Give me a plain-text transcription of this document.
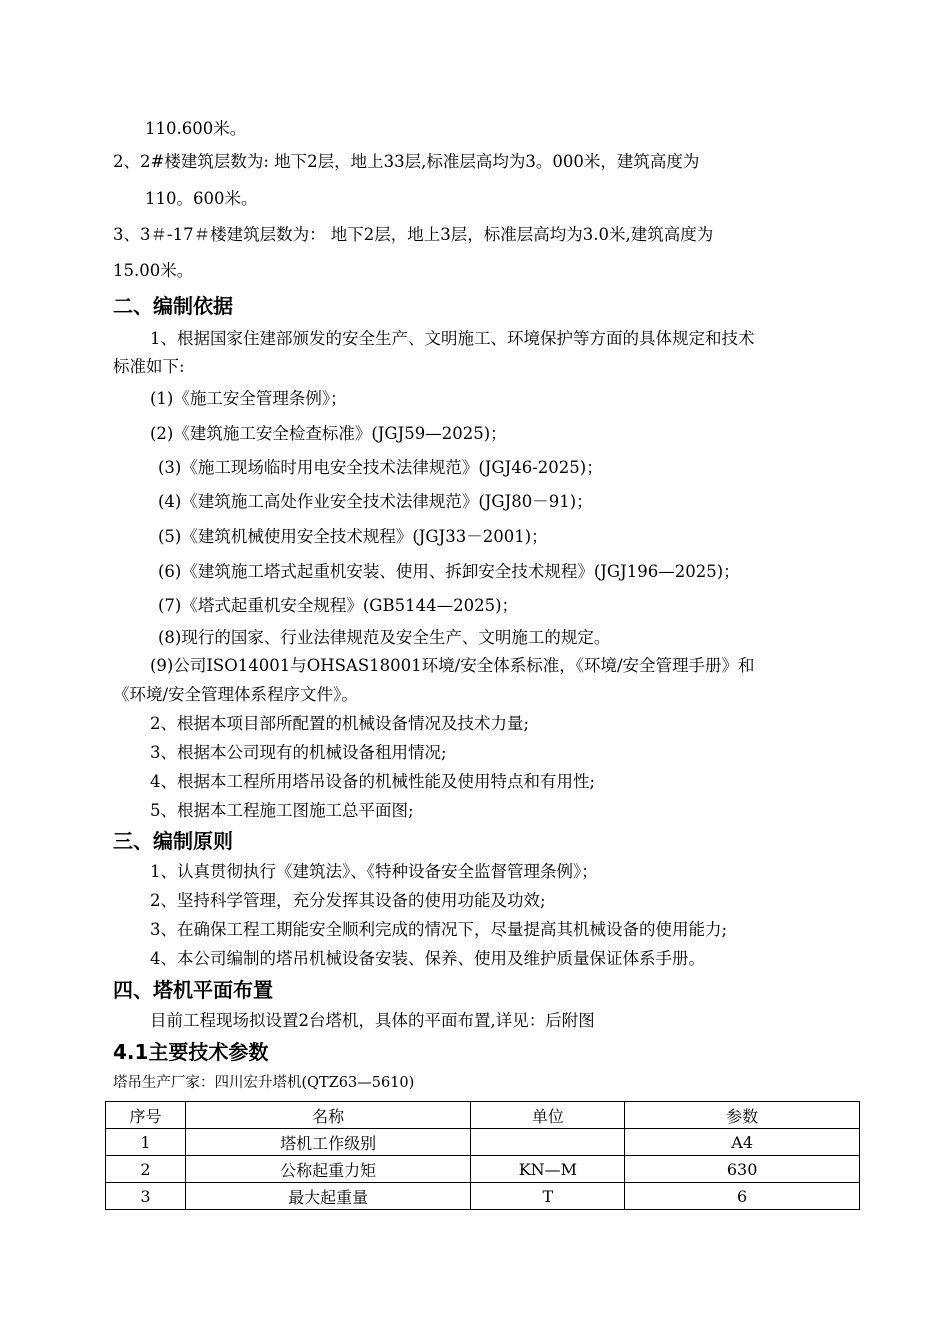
110.600米。
2、2#楼建筑层数为: 地下2层，地上33层,标准层高均为3。000米，建筑高度为
110。600米。
3、3＃-17＃楼建筑层数为： 地下2层，地上3层，标准层高均为3.0米,建筑高度为
15.00米。
二、编制依据
1、根据国家住建部颁发的安全生产、文明施工、环境保护等方面的具体规定和技术
标准如下:
(1)《施工安全管理条例》；
(2)《建筑施工安全检查标准》(JGJ59—2025)；
(3)《施工现场临时用电安全技术法律规范》(JGJ46-2025)；
(4)《建筑施工高处作业安全技术法律规范》(JGJ80－91)；
(5)《建筑机械使用安全技术规程》(JGJ33－2001)；
(6)《建筑施工塔式起重机安装、使用、拆卸安全技术规程》(JGJ196—2025)；
(7)《塔式起重机安全规程》(GB5144—2025)；
(8)现行的国家、行业法律规范及安全生产、文明施工的规定。
(9)公司ISO14001与OHSAS18001环境/安全体系标准，《环境/安全管理手册》和
《环境/安全管理体系程序文件》。
2、根据本项目部所配置的机械设备情况及技术力量;
3、根据本公司现有的机械设备租用情况;
4、根据本工程所用塔吊设备的机械性能及使用特点和有用性;
5、根据本工程施工图施工总平面图;
三、编制原则
1、认真贯彻执行《建筑法》、《特种设备安全监督管理条例》；
2、坚持科学管理，充分发挥其设备的使用功能及功效;
3、在确保工程工期能安全顺利完成的情况下，尽量提高其机械设备的使用能力;
4、本公司编制的塔吊机械设备安装、保养、使用及维护质量保证体系手册。
四、塔机平面布置
目前工程现场拟设置2台塔机，具体的平面布置,详见：后附图
4.1主要技术参数
塔吊生产厂家：四川宏升塔机(QTZ63—5610)
序号	名称	单位	参数
1	塔机工作级别		A4
2	公称起重力矩	KN—M	630
3	最大起重量	T	6
